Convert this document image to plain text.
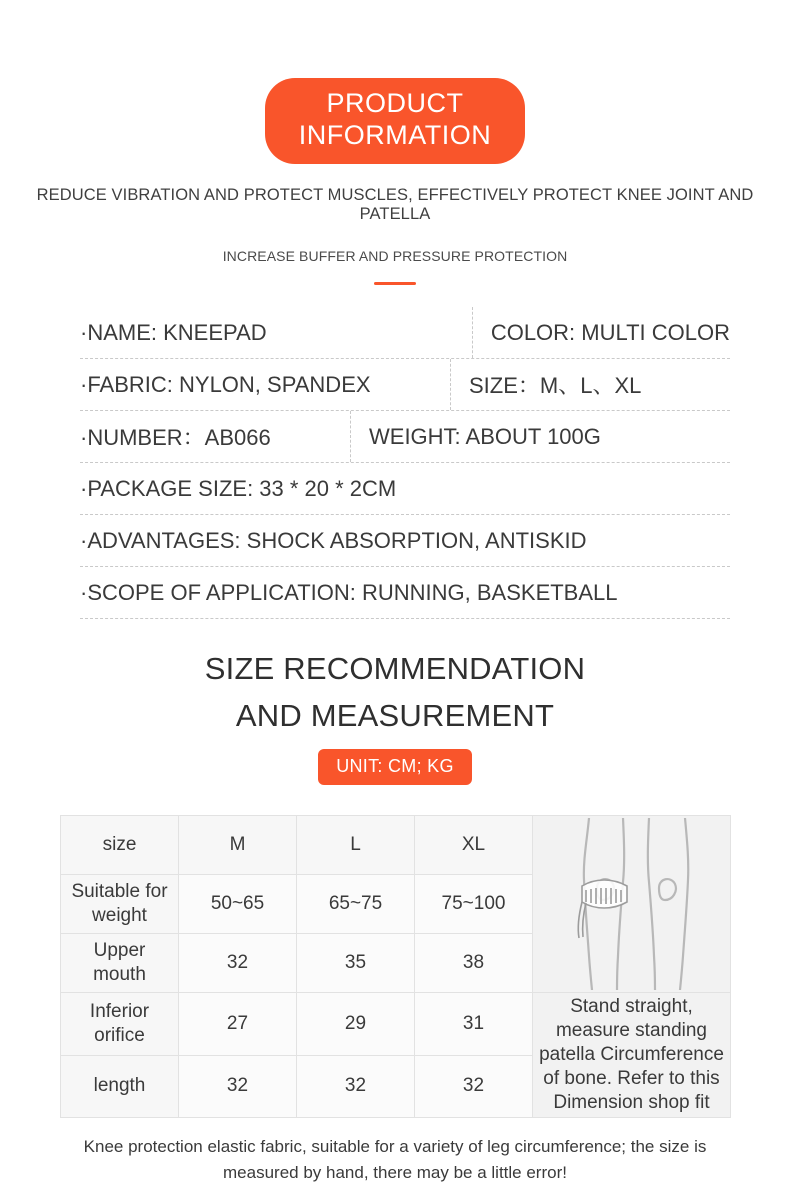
PRODUCT
INFORMATION
REDUCE VIBRATION AND PROTECT MUSCLES, EFFECTIVELY PROTECT KNEE JOINT AND PATELLA
INCREASE BUFFER AND PRESSURE PROTECTION
·NAME: KNEEPAD	COLOR: MULTI COLOR
·FABRIC: NYLON, SPANDEX	SIZE：M、L、XL
·NUMBER：AB066	WEIGHT: ABOUT 100G
·PACKAGE SIZE: 33 * 20 * 2CM
·ADVANTAGES: SHOCK ABSORPTION, ANTISKID
·SCOPE OF APPLICATION: RUNNING, BASKETBALL
SIZE RECOMMENDATION
AND MEASUREMENT
UNIT: CM; KG
size	M	L	XL	

Suitable for
weight	50~65	65~75	75~100	
Upper
mouth	32	35	38	
Inferior
orifice	27	29	31	Stand straight, measure standing patella Circumference of bone. Refer to this Dimension shop fit
length	32	32	32	
Knee protection elastic fabric, suitable for a variety of leg circumference; the size is measured by hand, there may be a little error!
